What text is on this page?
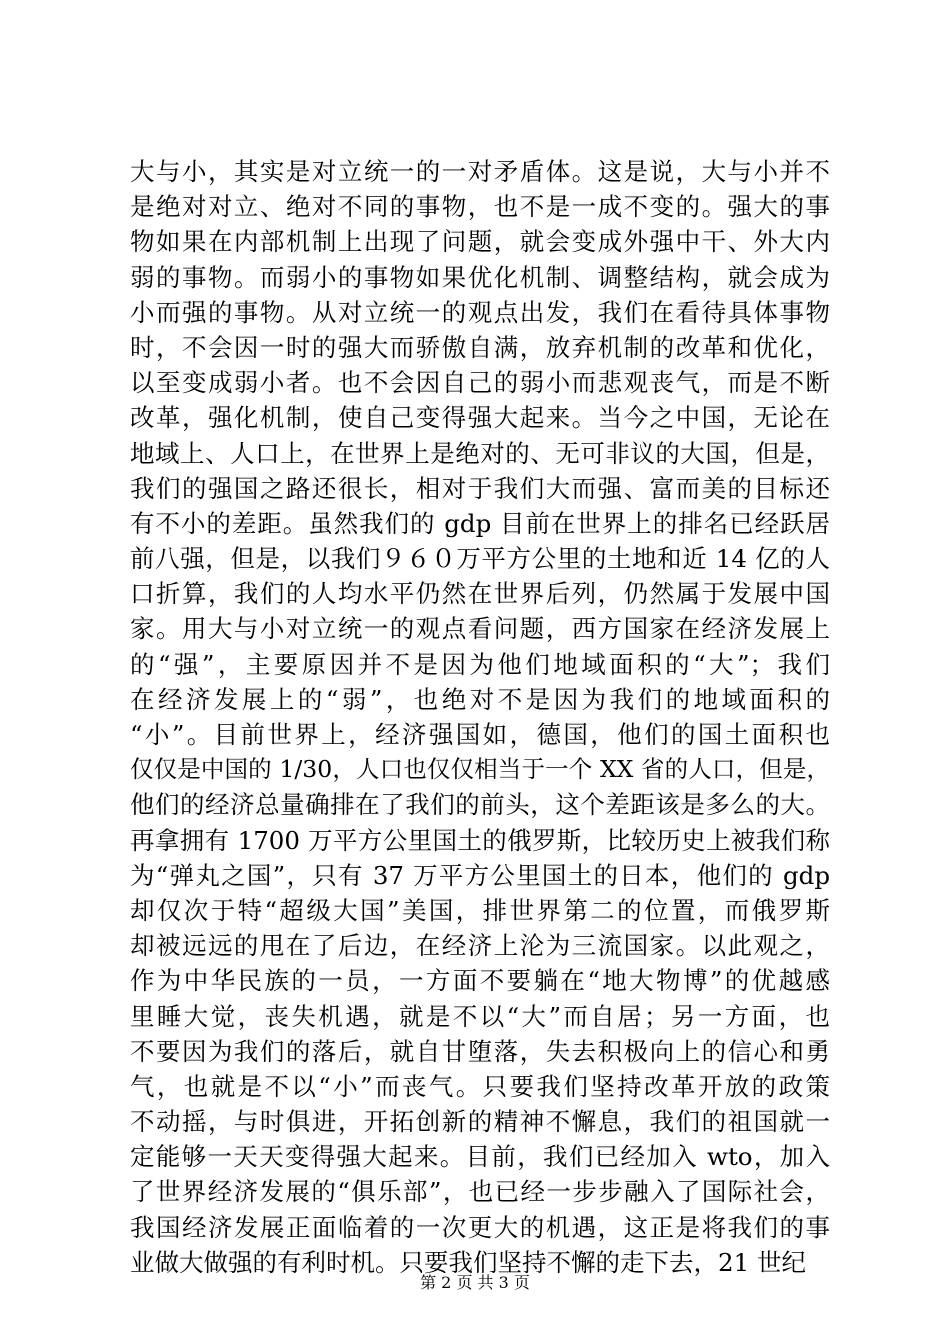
大与小，其实是对立统一的一对矛盾体。这是说，大与小并不
是绝对对立、绝对不同的事物，也不是一成不变的。强大的事
物如果在内部机制上出现了问题，就会变成外强中干、外大内
弱的事物。而弱小的事物如果优化机制、调整结构，就会成为
小而强的事物。从对立统一的观点出发，我们在看待具体事物
时，不会因一时的强大而骄傲自满，放弃机制的改革和优化，
以至变成弱小者。也不会因自己的弱小而悲观丧气，而是不断
改革，强化机制，使自己变得强大起来。当今之中国，无论在
地域上、人口上，在世界上是绝对的、无可非议的大国，但是，
我们的强国之路还很长，相对于我们大而强、富而美的目标还
有不小的差距。虽然我们的 gdp 目前在世界上的排名已经跃居
前八强，但是，以我们９６０万平方公里的土地和近 14 亿的人
口折算，我们的人均水平仍然在世界后列，仍然属于发展中国
家。用大与小对立统一的观点看问题，西方国家在经济发展上
的“强”，主要原因并不是因为他们地域面积的“大”；我们
在经济发展上的“弱”，也绝对不是因为我们的地域面积的
“小”。目前世界上，经济强国如，德国，他们的国土面积也
仅仅是中国的 1/30，人口也仅仅相当于一个 XX 省的人口，但是，
他们的经济总量确排在了我们的前头，这个差距该是多么的大。
再拿拥有 1700 万平方公里国土的俄罗斯，比较历史上被我们称
为“弹丸之国”，只有 37 万平方公里国土的日本，他们的 gdp
却仅次于特“超级大国”美国，排世界第二的位置，而俄罗斯
却被远远的甩在了后边，在经济上沦为三流国家。以此观之，
作为中华民族的一员，一方面不要躺在“地大物博”的优越感
里睡大觉，丧失机遇，就是不以“大”而自居；另一方面，也
不要因为我们的落后，就自甘堕落，失去积极向上的信心和勇
气，也就是不以“小”而丧气。只要我们坚持改革开放的政策
不动摇，与时俱进，开拓创新的精神不懈息，我们的祖国就一
定能够一天天变得强大起来。目前，我们已经加入 wto，加入
了世界经济发展的“俱乐部”，也已经一步步融入了国际社会，
我国经济发展正面临着的一次更大的机遇，这正是将我们的事
业做大做强的有利时机。只要我们坚持不懈的走下去，21 世纪
第 2 页 共 3 页
